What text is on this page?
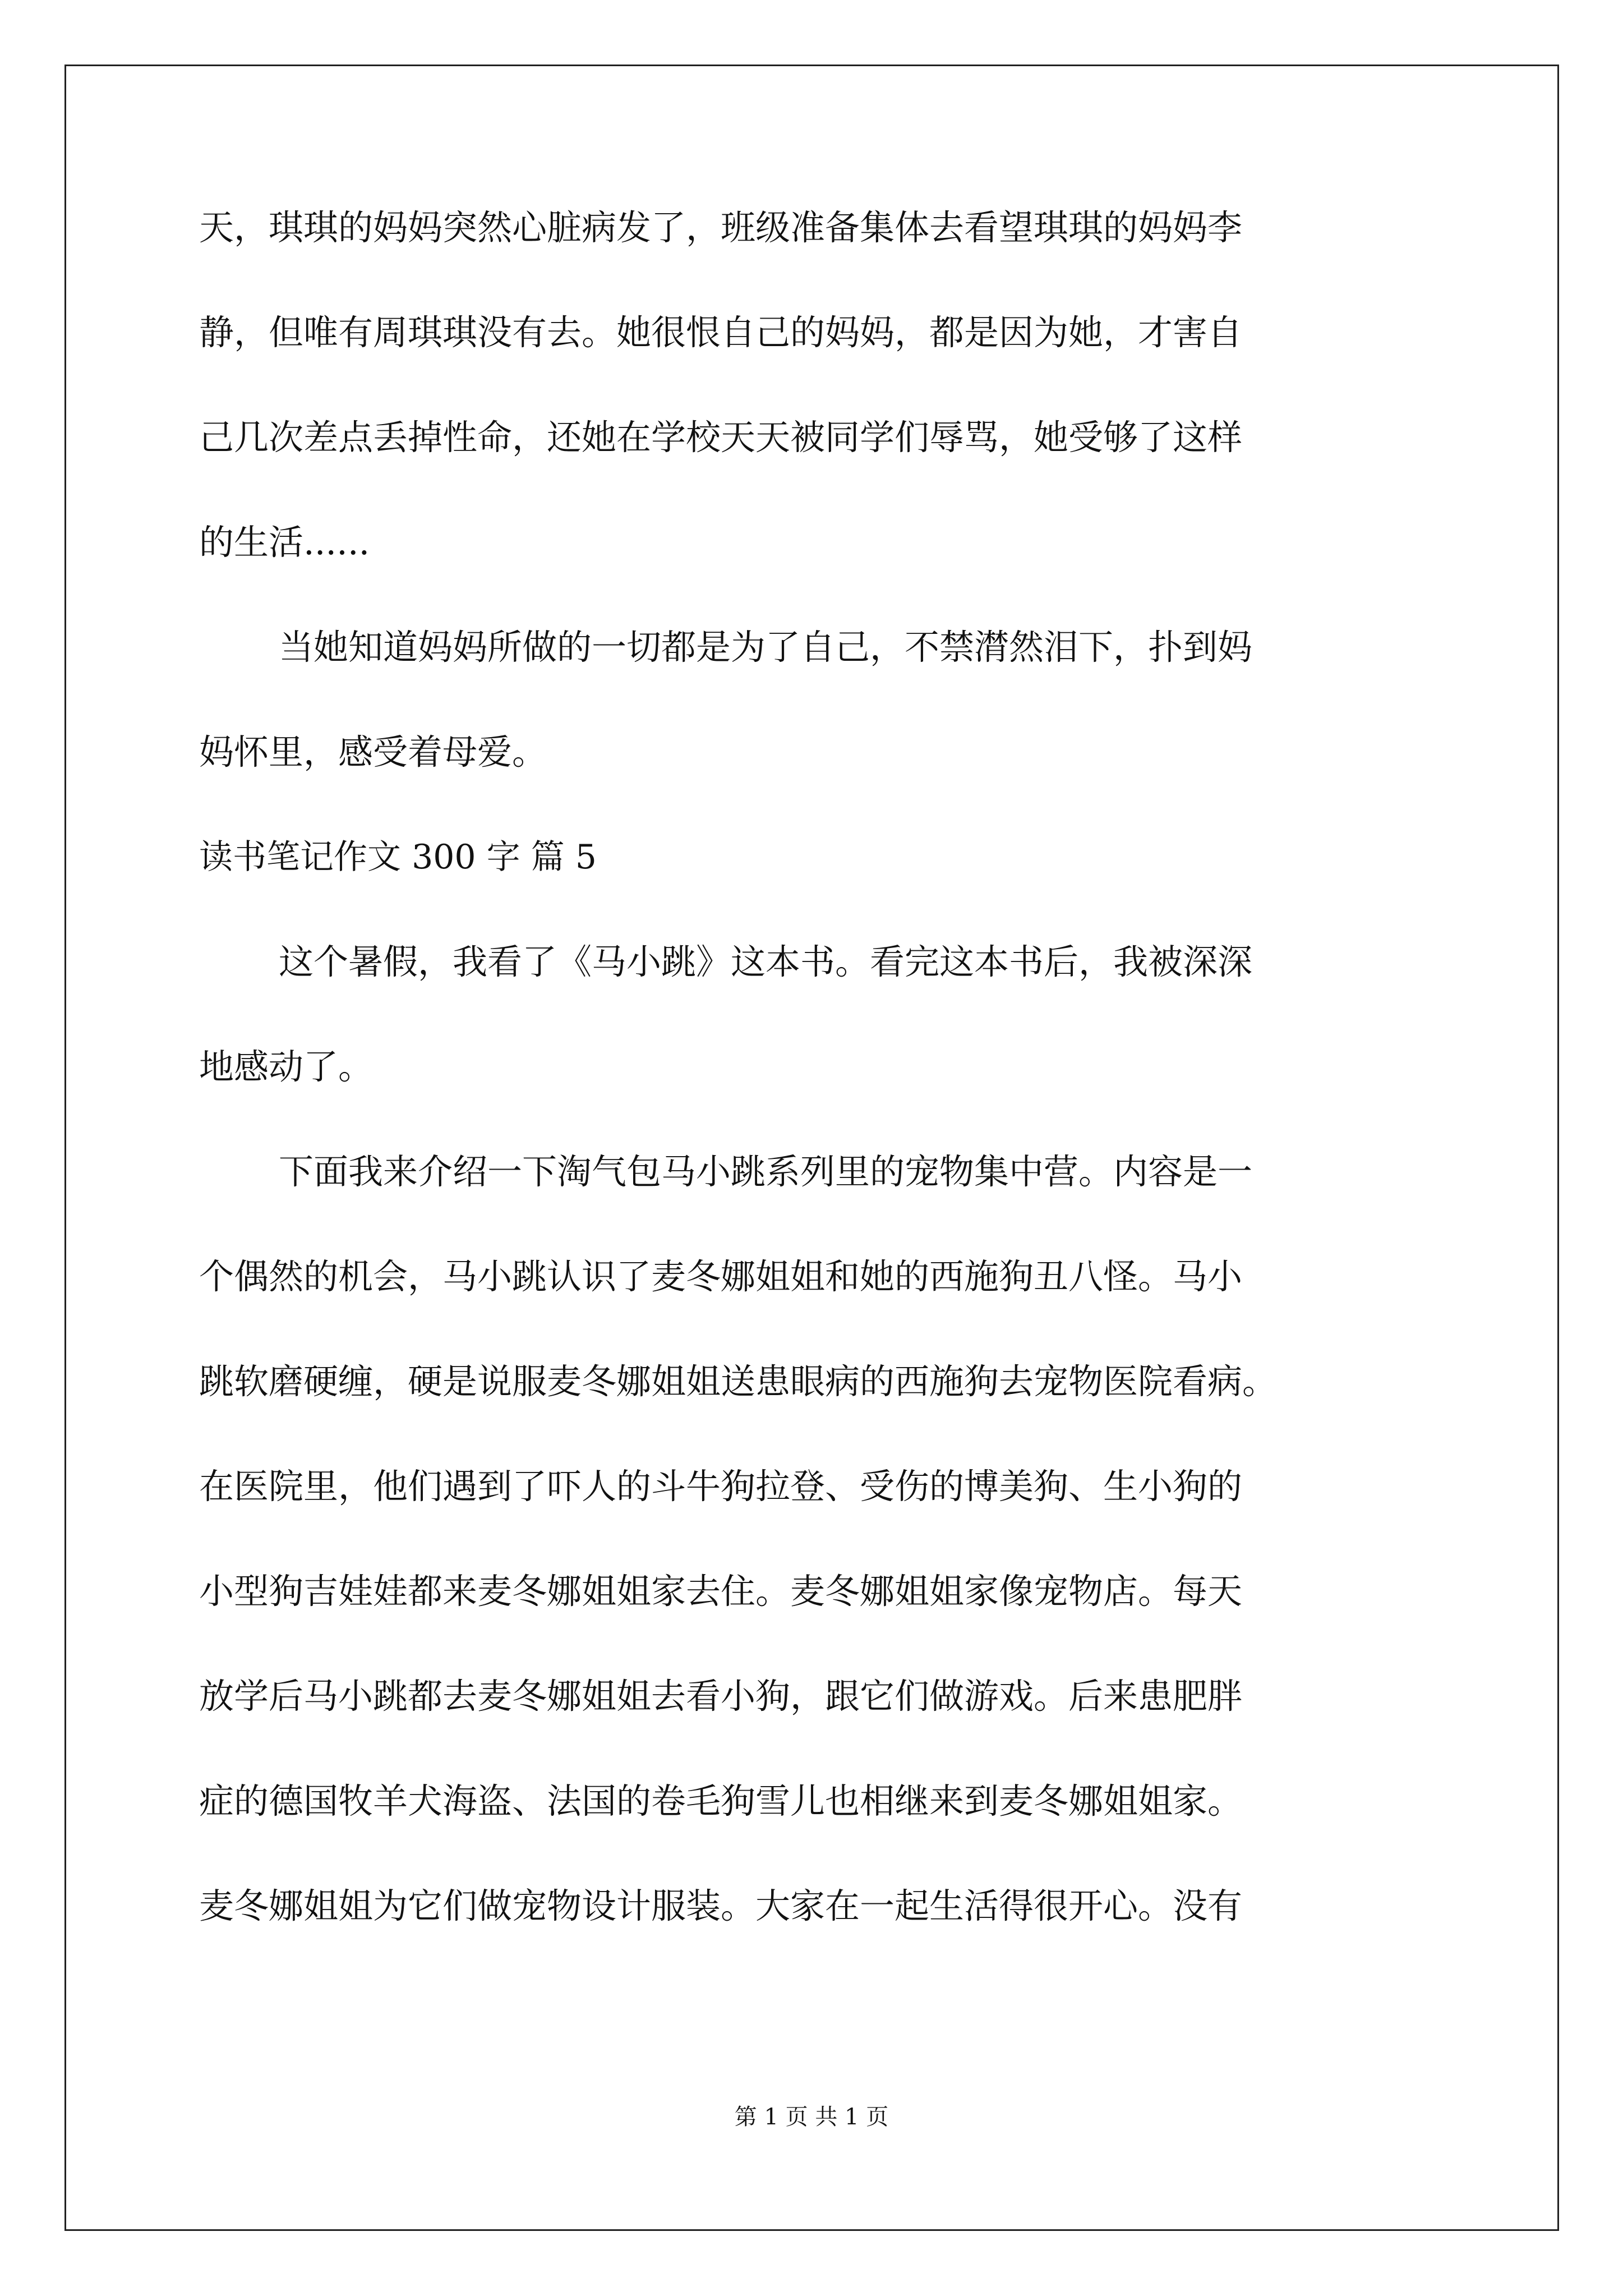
天，琪琪的妈妈突然心脏病发了，班级准备集体去看望琪琪的妈妈李
静，但唯有周琪琪没有去。她很恨自己的妈妈，都是因为她，才害自
己几次差点丢掉性命，还她在学校天天被同学们辱骂，她受够了这样
的生活......
当她知道妈妈所做的一切都是为了自己，不禁潸然泪下，扑到妈
妈怀里，感受着母爱。
读书笔记作文 300 字 篇 5
这个暑假，我看了《马小跳》这本书。看完这本书后，我被深深
地感动了。
下面我来介绍一下淘气包马小跳系列里的宠物集中营。内容是一
个偶然的机会，马小跳认识了麦冬娜姐姐和她的西施狗丑八怪。马小
跳软磨硬缠，硬是说服麦冬娜姐姐送患眼病的西施狗去宠物医院看病。
在医院里，他们遇到了吓人的斗牛狗拉登、受伤的博美狗、生小狗的
小型狗吉娃娃都来麦冬娜姐姐家去住。麦冬娜姐姐家像宠物店。每天
放学后马小跳都去麦冬娜姐姐去看小狗，跟它们做游戏。后来患肥胖
症的德国牧羊犬海盗、法国的卷毛狗雪儿也相继来到麦冬娜姐姐家。
麦冬娜姐姐为它们做宠物设计服装。大家在一起生活得很开心。没有
第 1 页 共 1 页
